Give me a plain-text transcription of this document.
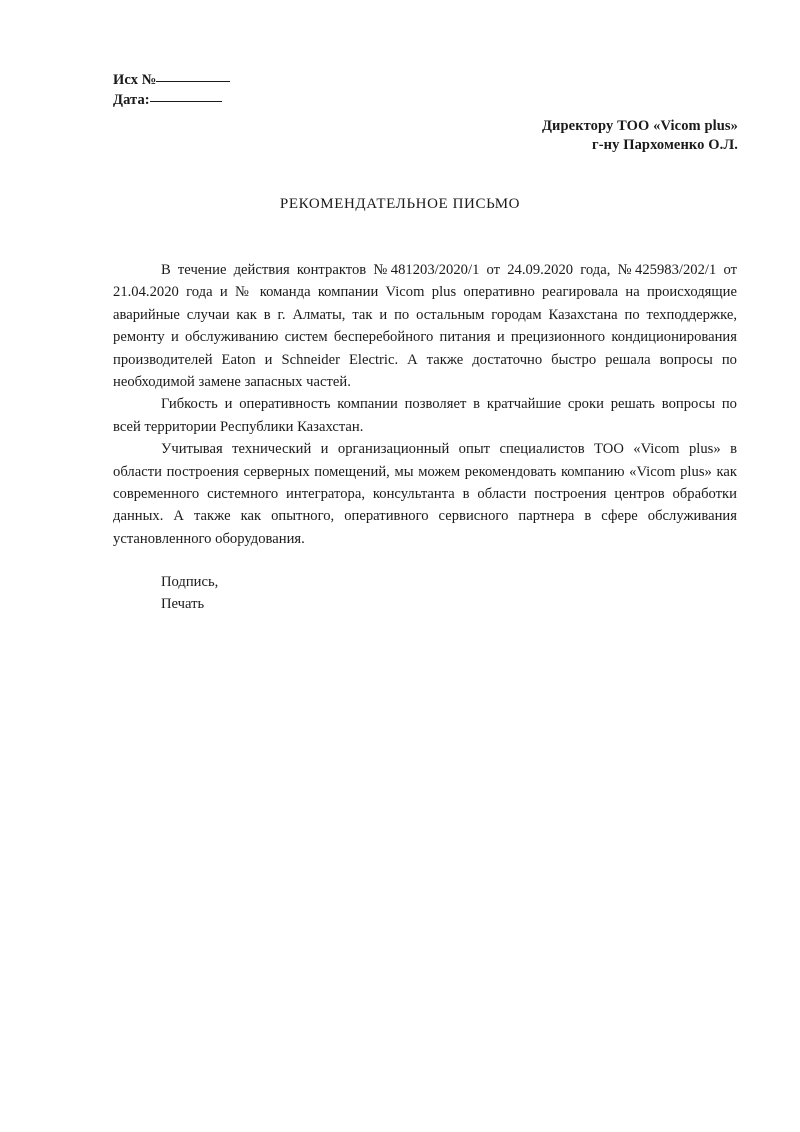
Исх №
Дата:
Директору ТОО «Vicom plus»
г-ну Пархоменко О.Л.
РЕКОМЕНДАТЕЛЬНОЕ ПИСЬМО

В течение действия контрактов №481203/2020/1 от 24.09.2020 года, №425983/202/1 от 21.04.2020 года и № команда компании Vicom plus оперативно реагировала на происходящие аварийные случаи как в г. Алматы, так и по остальным городам Казахстана по техподдержке, ремонту и обслуживанию систем бесперебойного питания и прецизионного кондиционирования производителей Eaton и Schneider Electric. А также достаточно быстро решала вопросы по необходимой замене запасных частей.

Гибкость и оперативность компании позволяет в кратчайшие сроки решать вопросы по всей территории Республики Казахстан.

Учитывая технический и организационный опыт специалистов ТОО «Vicom plus» в области построения серверных помещений, мы можем рекомендовать компанию «Vicom plus» как современного системного интегратора, консультанта в области построения центров обработки данных. А также как опытного, оперативного сервисного партнера в сфере обслуживания установленного оборудования.

Подпись,
Печать
